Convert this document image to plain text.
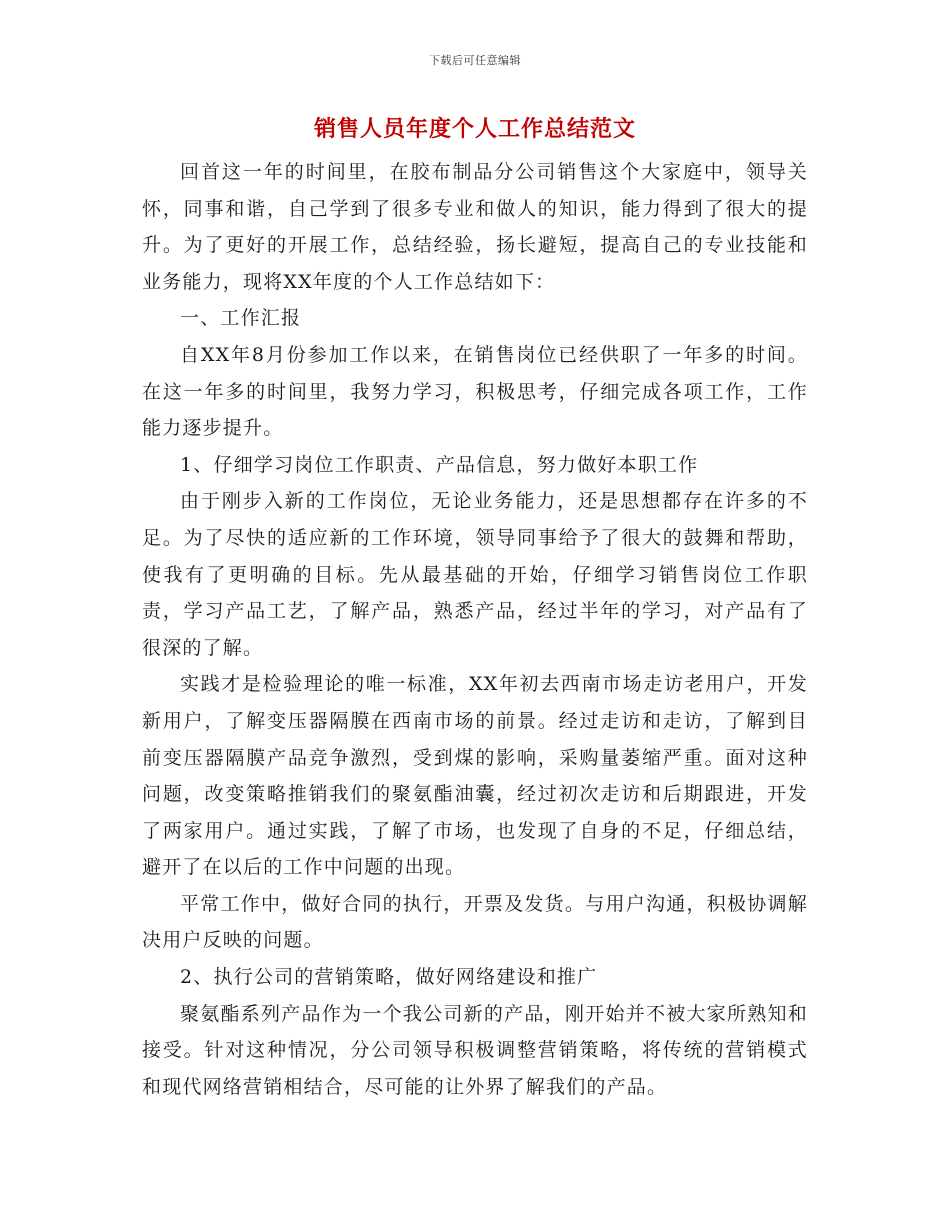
下载后可任意编辑
销售人员年度个人工作总结范文

回首这一年的时间里，在胶布制品分公司销售这个大家庭中，领导关怀，同事和谐，自己学到了很多专业和做人的知识，能力得到了很大的提升。为了更好的开展工作，总结经验，扬长避短，提高自己的专业技能和业务能力，现将XX年度的个人工作总结如下：

一、工作汇报

自XX年8月份参加工作以来，在销售岗位已经供职了一年多的时间。在这一年多的时间里，我努力学习，积极思考，仔细完成各项工作，工作能力逐步提升。

1、仔细学习岗位工作职责、产品信息，努力做好本职工作

由于刚步入新的工作岗位，无论业务能力，还是思想都存在许多的不足。为了尽快的适应新的工作环境，领导同事给予了很大的鼓舞和帮助，使我有了更明确的目标。先从最基础的开始，仔细学习销售岗位工作职责，学习产品工艺，了解产品，熟悉产品，经过半年的学习，对产品有了很深的了解。

实践才是检验理论的唯一标准，XX年初去西南市场走访老用户，开发新用户，了解变压器隔膜在西南市场的前景。经过走访和走访，了解到目前变压器隔膜产品竞争激烈，受到煤的影响，采购量萎缩严重。面对这种问题，改变策略推销我们的聚氨酯油囊，经过初次走访和后期跟进，开发了两家用户。通过实践，了解了市场，也发现了自身的不足，仔细总结，避开了在以后的工作中问题的出现。

平常工作中，做好合同的执行，开票及发货。与用户沟通，积极协调解决用户反映的问题。

2、执行公司的营销策略，做好网络建设和推广

聚氨酯系列产品作为一个我公司新的产品，刚开始并不被大家所熟知和接受。针对这种情况，分公司领导积极调整营销策略，将传统的营销模式和现代网络营销相结合，尽可能的让外界了解我们的产品。
